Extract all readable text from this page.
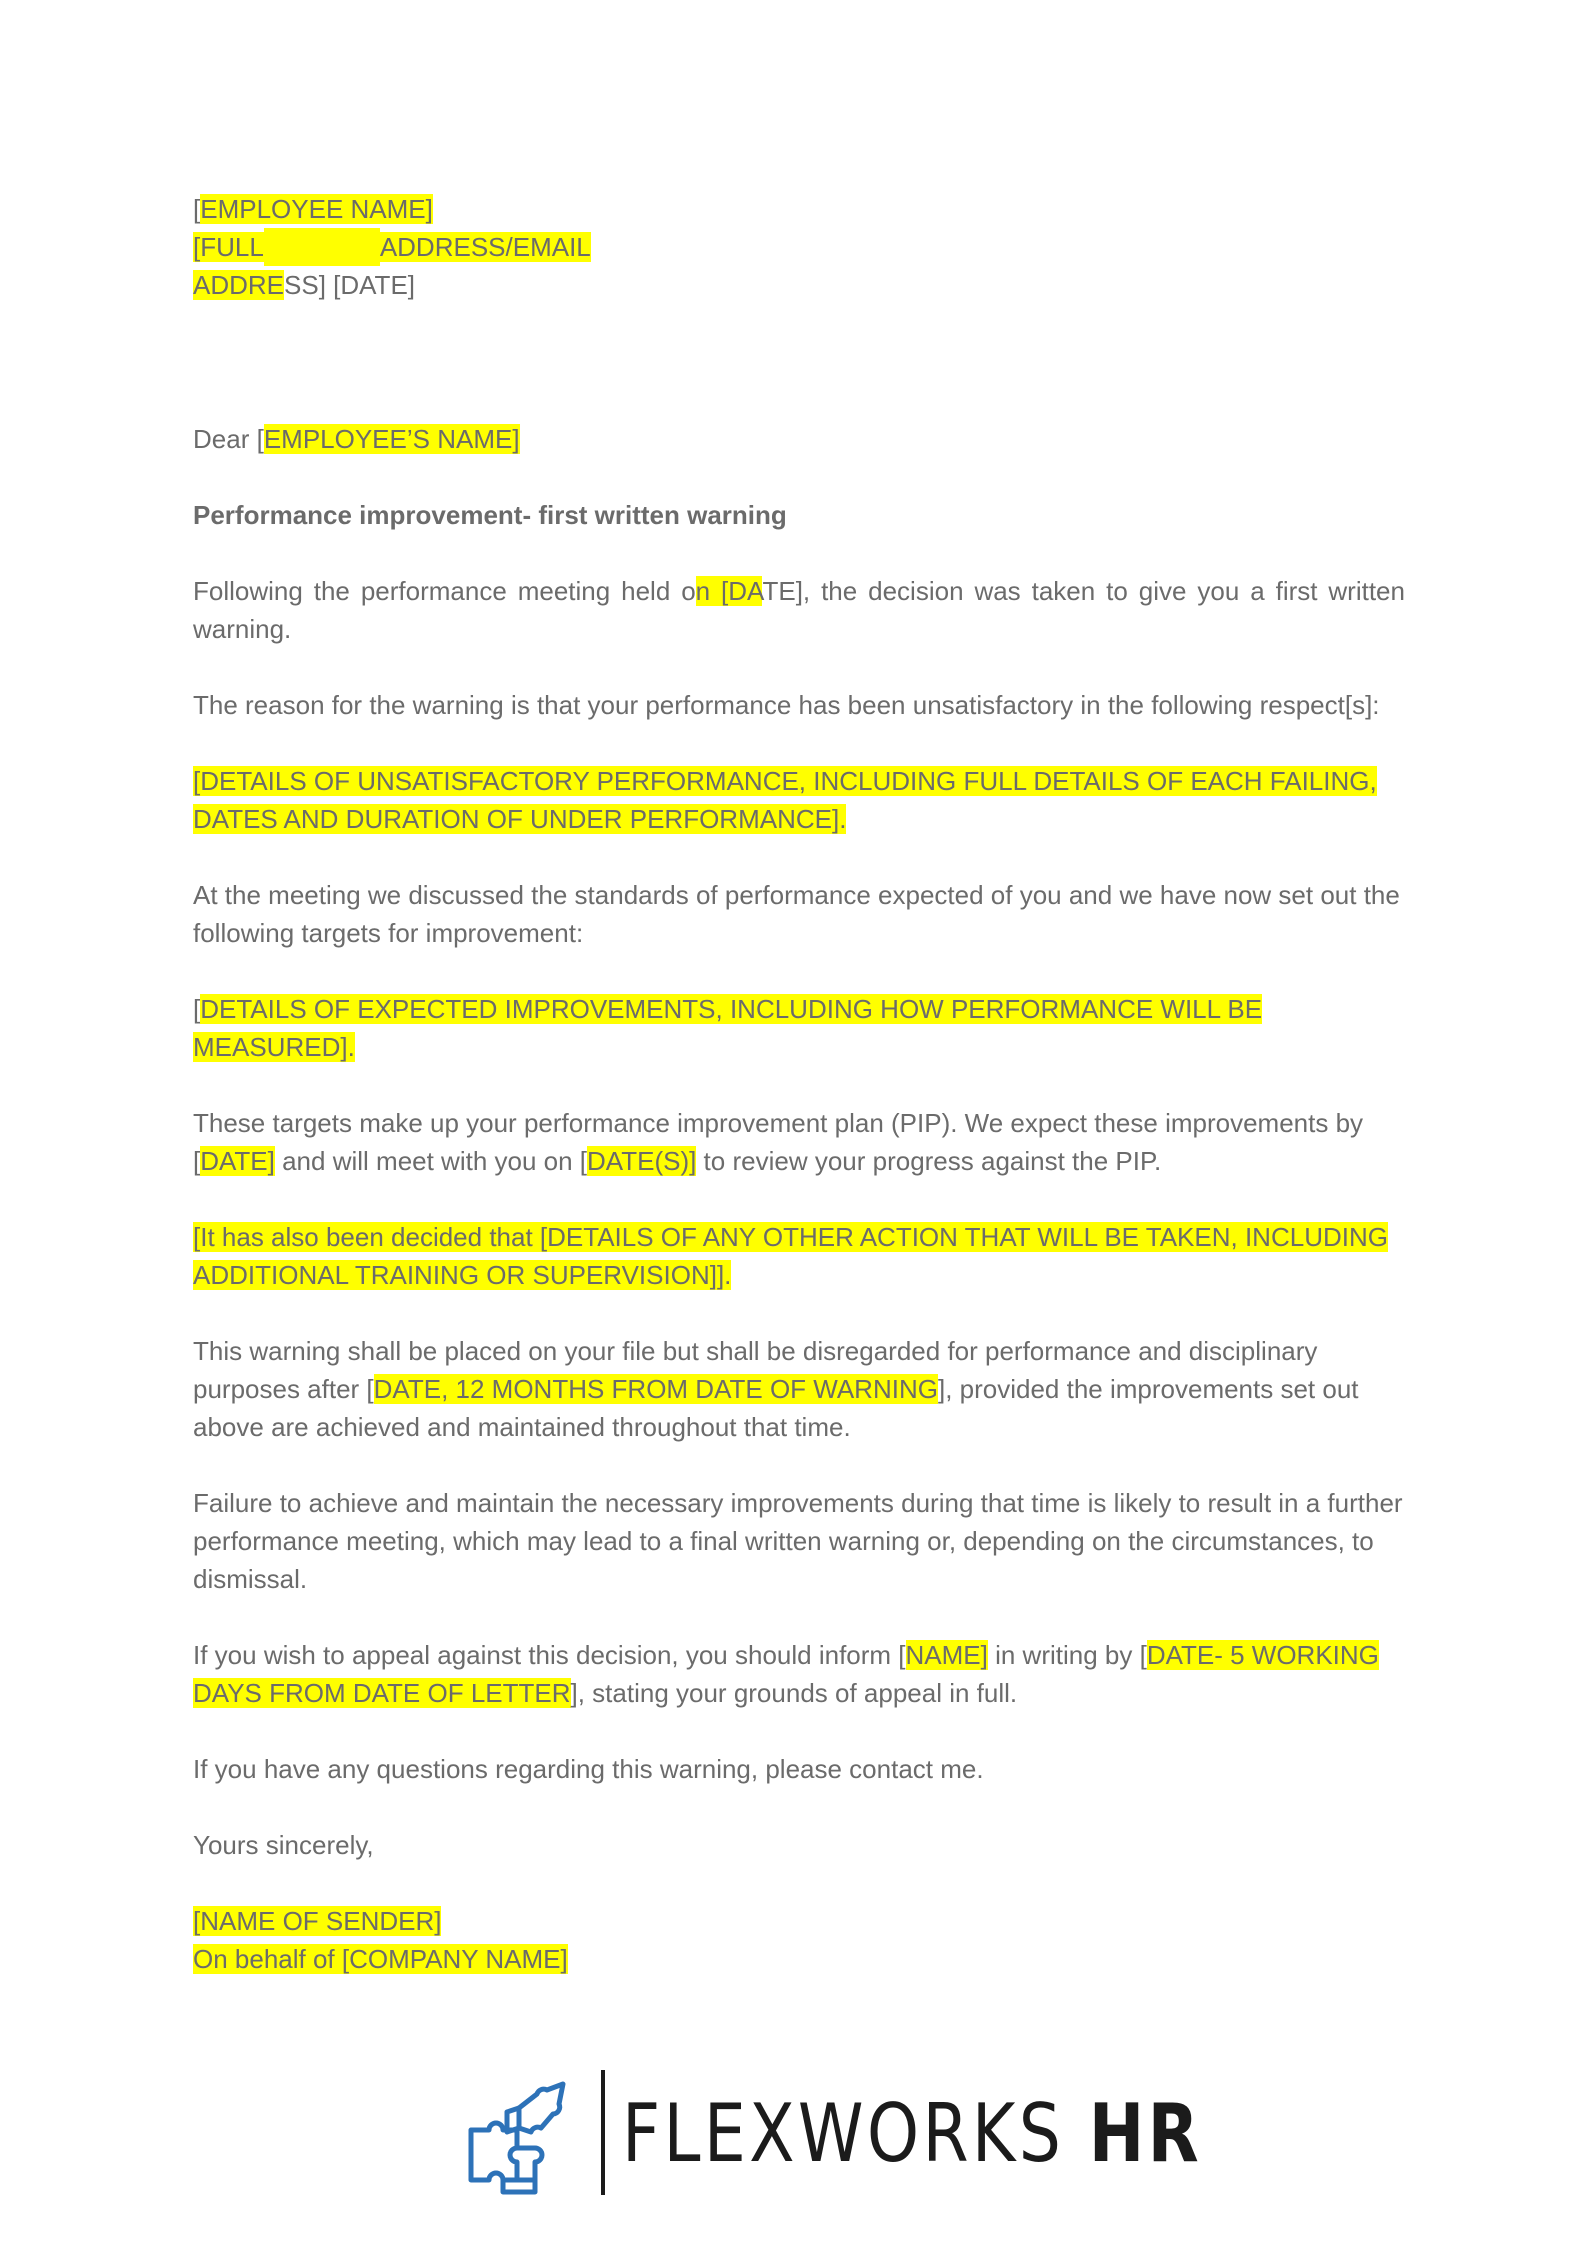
[EMPLOYEE NAME]
[FULL	ADDRESS/EMAIL
ADDRESS] [DATE]

Dear [EMPLOYEE’S NAME]

Performance improvement- first written warning

Following the performance meeting held on [DATE], the decision was taken to give you a first written warning.

The reason for the warning is that your performance has been unsatisfactory in the following respect[s]:

[DETAILS OF UNSATISFACTORY PERFORMANCE, INCLUDING FULL DETAILS OF EACH FAILING, DATES AND DURATION OF UNDER PERFORMANCE].

At the meeting we discussed the standards of performance expected of you and we have now set out the following targets for improvement:

[DETAILS OF EXPECTED IMPROVEMENTS, INCLUDING HOW PERFORMANCE WILL BE MEASURED].

These targets make up your performance improvement plan (PIP). We expect these improvements by [DATE] and will meet with you on [DATE(S)] to review your progress against the PIP.

[It has also been decided that [DETAILS OF ANY OTHER ACTION THAT WILL BE TAKEN, INCLUDING ADDITIONAL TRAINING OR SUPERVISION]].

This warning shall be placed on your file but shall be disregarded for performance and disciplinary purposes after [DATE, 12 MONTHS FROM DATE OF WARNING], provided the improvements set out above are achieved and maintained throughout that time.

Failure to achieve and maintain the necessary improvements during that time is likely to result in a further performance meeting, which may lead to a final written warning or, depending on the circumstances, to dismissal.

If you wish to appeal against this decision, you should inform [NAME] in writing by [DATE- 5 WORKING DAYS FROM DATE OF LETTER], stating your grounds of appeal in full.

If you have any questions regarding this warning, please contact me.

Yours sincerely,

[NAME OF SENDER]
On behalf of [COMPANY NAME]
FLEXWORKS HR
